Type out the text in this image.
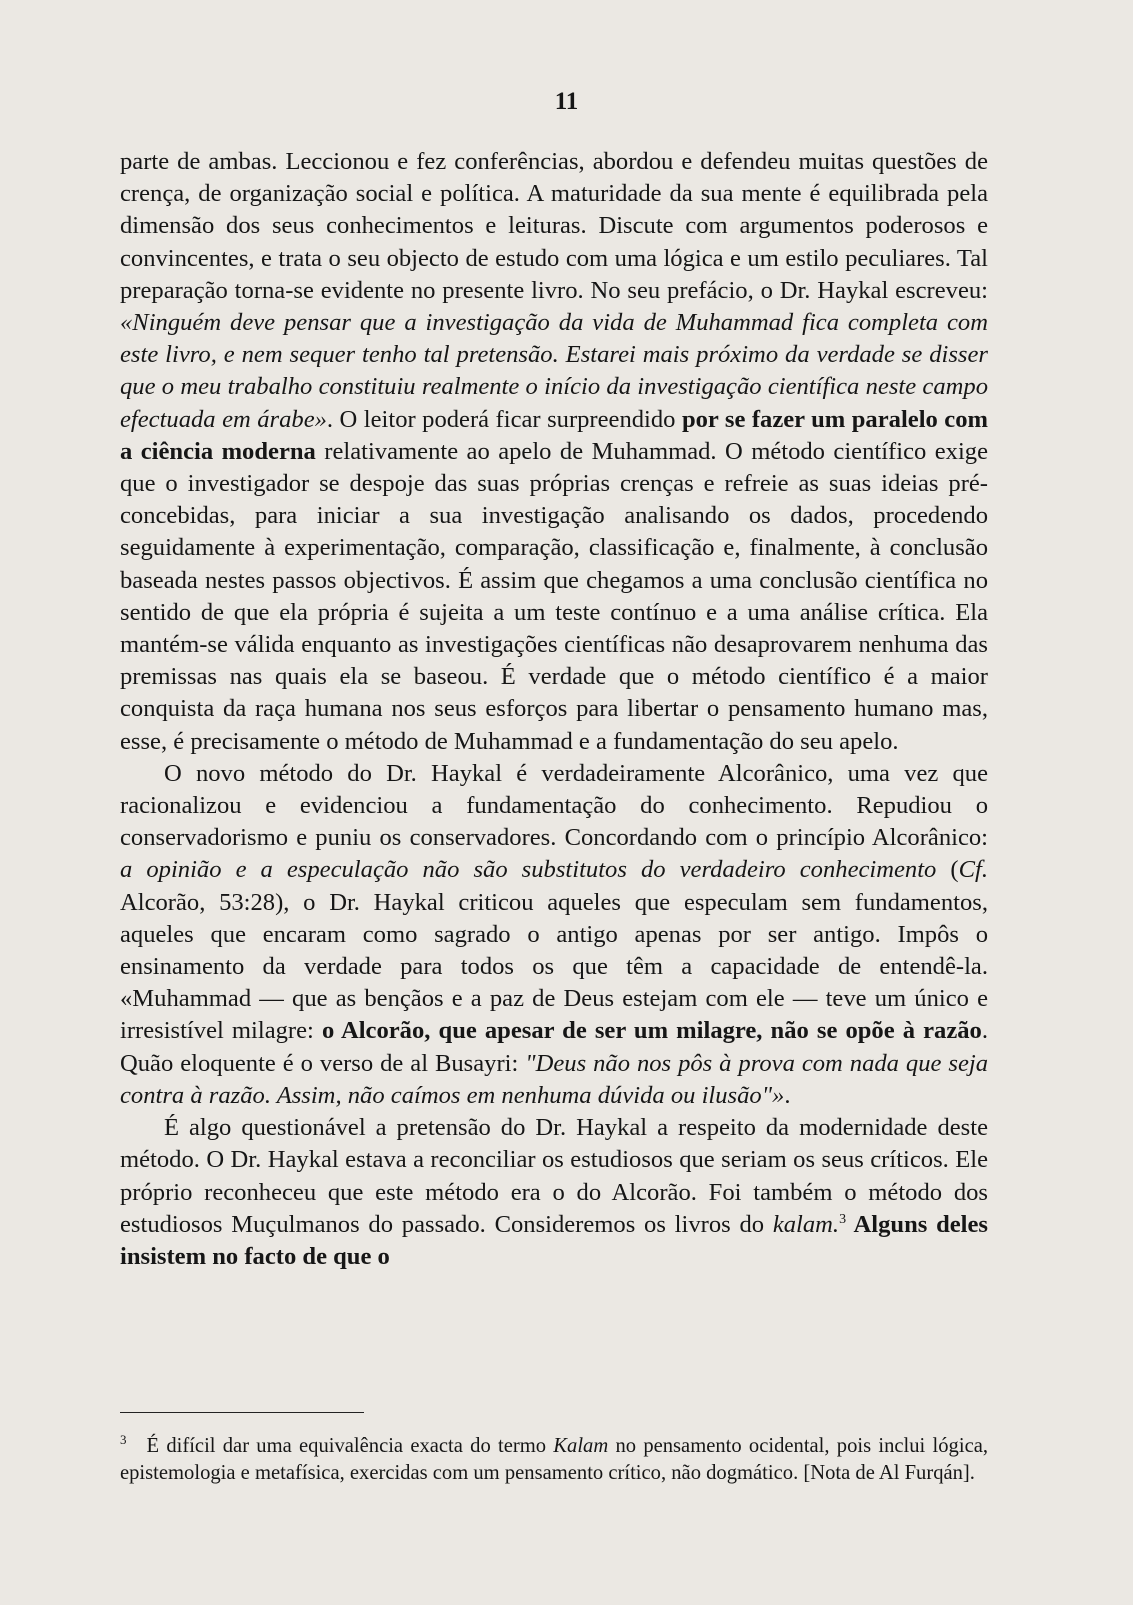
11

parte de ambas. Leccionou e fez conferências, abordou e defendeu muitas questões de crença, de organização social e política. A maturidade da sua mente é equilibrada pela dimensão dos seus conhecimentos e leituras. Discute com argumentos poderosos e convincentes, e trata o seu objecto de estudo com uma lógica e um estilo peculiares. Tal preparação torna-se evidente no presente livro. No seu prefácio, o Dr. Haykal escreveu: «Ninguém deve pensar que a investigação da vida de Muhammad fica completa com este livro, e nem sequer tenho tal pretensão. Estarei mais próximo da verdade se disser que o meu trabalho constituiu realmente o início da investigação científica neste campo efectuada em árabe». O leitor poderá ficar surpreendido por se fazer um paralelo com a ciência moderna relativamente ao apelo de Muhammad. O método científico exige que o investigador se despoje das suas próprias crenças e refreie as suas ideias pré-concebidas, para iniciar a sua investigação analisando os dados, procedendo seguidamente à experimentação, comparação, classificação e, finalmente, à conclusão baseada nestes passos objectivos. É assim que chegamos a uma conclusão científica no sentido de que ela própria é sujeita a um teste contínuo e a uma análise crítica. Ela mantém-se válida enquanto as investigações científicas não desaprovarem nenhuma das premissas nas quais ela se baseou. É verdade que o método científico é a maior conquista da raça humana nos seus esforços para libertar o pensamento humano mas, esse, é precisamente o método de Muhammad e a fundamentação do seu apelo.

O novo método do Dr. Haykal é verdadeiramente Alcorânico, uma vez que racionalizou e evidenciou a fundamentação do conhecimento. Repudiou o conservadorismo e puniu os conservadores. Concordando com o princípio Alcorânico: a opinião e a especulação não são substitutos do verdadeiro conhecimento (Cf. Alcorão, 53:28), o Dr. Haykal criticou aqueles que especulam sem fundamentos, aqueles que encaram como sagrado o antigo apenas por ser antigo. Impôs o ensinamento da verdade para todos os que têm a capacidade de entendê-la. «Muhammad — que as bençãos e a paz de Deus estejam com ele — teve um único e irresistível milagre: o Alcorão, que apesar de ser um milagre, não se opõe à razão. Quão eloquente é o verso de al Busayri: "Deus não nos pôs à prova com nada que seja contra à razão. Assim, não caímos em nenhuma dúvida ou ilusão"».

É algo questionável a pretensão do Dr. Haykal a respeito da modernidade deste método. O Dr. Haykal estava a reconciliar os estudiosos que seriam os seus críticos. Ele próprio reconheceu que este método era o do Alcorão. Foi também o método dos estudiosos Muçulmanos do passado. Consideremos os livros do kalam.$^3$ Alguns deles insistem no facto de que o

$^3$ É difícil dar uma equivalência exacta do termo Kalam no pensamento ocidental, pois inclui lógica, epistemologia e metafísica, exercidas com um pensamento crítico, não dogmático. [Nota de Al Furqán].
